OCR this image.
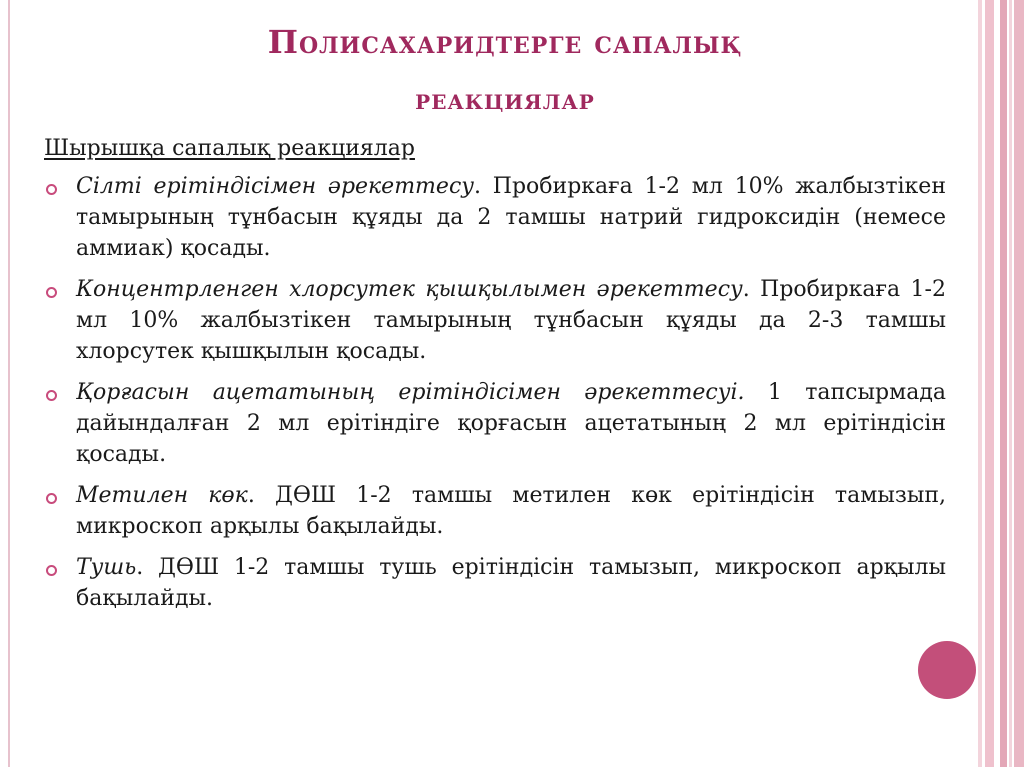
Полисахаридтерге сапалық
реакциялар
Шырышқа сапалық реакциялар
Сілті ерітіндісімен әрекеттесу. Пробиркаға 1-2 мл 10% жалбызтікен тамырының тұнбасын құяды да 2 тамшы натрий гидроксидін (немесе аммиак) қосады.
Концентрленген хлорсутек қышқылымен әрекеттесу. Пробиркаға 1-2 мл 10% жалбызтікен тамырының тұнбасын құяды да 2-3 тамшы хлорсутек қышқылын қосады.
Қорғасын ацетатының ерітіндісімен әрекеттесуі. 1 тапсырмада дайындалған 2 мл ерітіндіге қорғасын ацетатының 2 мл ерітіндісін қосады.
Метилен көк. ДӨШ 1-2 тамшы метилен көк ерітіндісін тамызып, микроскоп арқылы бақылайды.
Тушь. ДӨШ 1-2 тамшы тушь ерітіндісін тамызып, микроскоп арқылы бақылайды.
